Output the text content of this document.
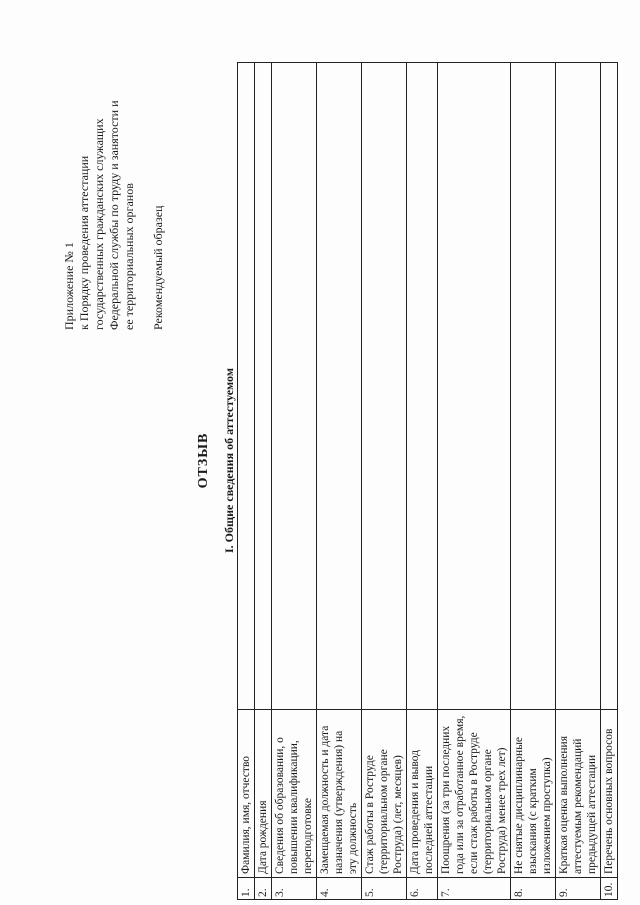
Приложение № 1 к Порядку проведения аттестации государственных гражданских служащих Федеральной службы по труду и занятости и ее территориальных органов Рекомендуемый образец
ОТЗЫВ I. Общие сведения об аттестуемом
1.	Фамилия, имя, отчество	
2.	Дата рождения	
3.	Сведения об образовании, о повышении квалификации, переподготовке	
4.	Замещаемая должность и дата назначения (утверждения) на эту должность	
5.	Стаж работы в Роструде (территориальном органе Роструда) (лет, месяцев)	
6.	Дата проведения и вывод последней аттестации	
7.	Поощрения (за три последних года или за отработанное время, если стаж работы в Роструде (территориальном органе Роструда) менее трех лет)	
8.	Не снятые дисциплинарные взыскания (с кратким изложением проступка)	
9.	Краткая оценка выполнения аттестуемым рекомендаций предыдущей аттестации	
10.	Перечень основных вопросов	
